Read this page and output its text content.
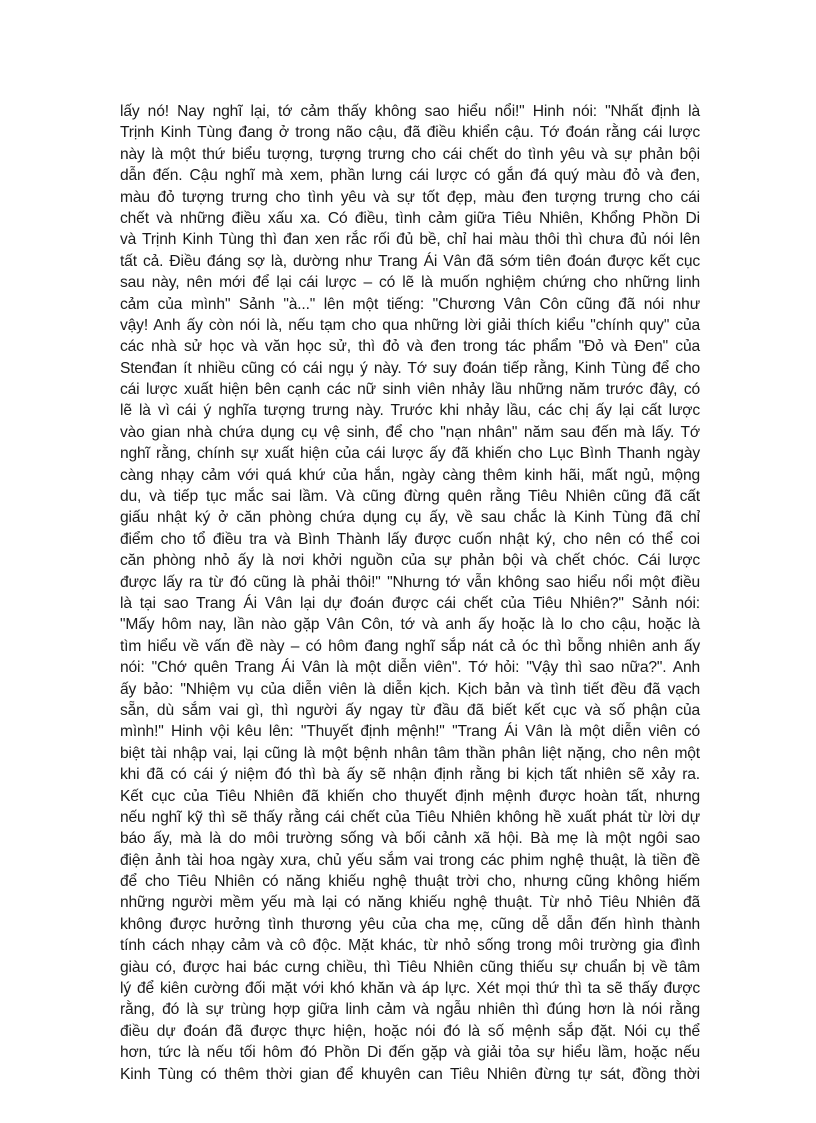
lấy nó! Nay nghĩ lại, tớ cảm thấy không sao hiểu nổi!" Hinh nói: "Nhất định là
Trịnh Kinh Tùng đang ở trong não cậu, đã điều khiển cậu. Tớ đoán rằng cái lược
này là một thứ biểu tượng, tượng trưng cho cái chết do tình yêu và sự phản bội
dẫn đến. Cậu nghĩ mà xem, phần lưng cái lược có gắn đá quý màu đỏ và đen,
màu đỏ tượng trưng cho tình yêu và sự tốt đẹp, màu đen tượng trưng cho cái
chết và những điều xấu xa. Có điều, tình cảm giữa Tiêu Nhiên, Khổng Phồn Di
và Trịnh Kinh Tùng thì đan xen rắc rối đủ bề, chỉ hai màu thôi thì chưa đủ nói lên
tất cả. Điều đáng sợ là, dường như Trang Ái Vân đã sớm tiên đoán được kết cục
sau này, nên mới để lại cái lược – có lẽ là muốn nghiệm chứng cho những linh
cảm của mình" Sảnh "à..." lên một tiếng: "Chương Vân Côn cũng đã nói như
vậy! Anh ấy còn nói là, nếu tạm cho qua những lời giải thích kiểu "chính quy" của
các nhà sử học và văn học sử, thì đỏ và đen trong tác phẩm "Đỏ và Đen" của
Stenđan ít nhiều cũng có cái ngụ ý này. Tớ suy đoán tiếp rằng, Kinh Tùng để cho
cái lược xuất hiện bên cạnh các nữ sinh viên nhảy lầu những năm trước đây, có
lẽ là vì cái ý nghĩa tượng trưng này. Trước khi nhảy lầu, các chị ấy lại cất lược
vào gian nhà chứa dụng cụ vệ sinh, để cho "nạn nhân" năm sau đến mà lấy. Tớ
nghĩ rằng, chính sự xuất hiện của cái lược ấy đã khiến cho Lục Bình Thanh ngày
càng nhạy cảm với quá khứ của hắn, ngày càng thêm kinh hãi, mất ngủ, mộng
du, và tiếp tục mắc sai lầm. Và cũng đừng quên rằng Tiêu Nhiên cũng đã cất
giấu nhật ký ở căn phòng chứa dụng cụ ấy, về sau chắc là Kinh Tùng đã chỉ
điểm cho tổ điều tra và Bình Thành lấy được cuốn nhật ký, cho nên có thể coi
căn phòng nhỏ ấy là nơi khởi nguồn của sự phản bội và chết chóc. Cái lược
được lấy ra từ đó cũng là phải thôi!" "Nhưng tớ vẫn không sao hiểu nổi một điều
là tại sao Trang Ái Vân lại dự đoán được cái chết của Tiêu Nhiên?" Sảnh nói:
"Mấy hôm nay, lần nào gặp Vân Côn, tớ và anh ấy hoặc là lo cho cậu, hoặc là
tìm hiểu về vấn đề này – có hôm đang nghĩ sắp nát cả óc thì bỗng nhiên anh ấy
nói: "Chớ quên Trang Ái Vân là một diễn viên". Tớ hỏi: "Vậy thì sao nữa?". Anh
ấy bảo: "Nhiệm vụ của diễn viên là diễn kịch. Kịch bản và tình tiết đều đã vạch
sẵn, dù sắm vai gì, thì người ấy ngay từ đầu đã biết kết cục và số phận của
mình!" Hinh vội kêu lên: "Thuyết định mệnh!" "Trang Ái Vân là một diễn viên có
biệt tài nhập vai, lại cũng là một bệnh nhân tâm thần phân liệt nặng, cho nên một
khi đã có cái ý niệm đó thì bà ấy sẽ nhận định rằng bi kịch tất nhiên sẽ xảy ra.
Kết cục của Tiêu Nhiên đã khiến cho thuyết định mệnh được hoàn tất, nhưng
nếu nghĩ kỹ thì sẽ thấy rằng cái chết của Tiêu Nhiên không hề xuất phát từ lời dự
báo ấy, mà là do môi trường sống và bối cảnh xã hội. Bà mẹ là một ngôi sao
điện ảnh tài hoa ngày xưa, chủ yếu sắm vai trong các phim nghệ thuật, là tiền đề
để cho Tiêu Nhiên có năng khiếu nghệ thuật trời cho, nhưng cũng không hiếm
những người mềm yếu mà lại có năng khiếu nghệ thuật. Từ nhỏ Tiêu Nhiên đã
không được hưởng tình thương yêu của cha mẹ, cũng dễ dẫn đến hình thành
tính cách nhạy cảm và cô độc. Mặt khác, từ nhỏ sống trong môi trường gia đình
giàu có, được hai bác cưng chiều, thì Tiêu Nhiên cũng thiếu sự chuẩn bị về tâm
lý để kiên cường đối mặt với khó khăn và áp lực. Xét mọi thứ thì ta sẽ thấy được
rằng, đó là sự trùng hợp giữa linh cảm và ngẫu nhiên thì đúng hơn là nói rằng
điều dự đoán đã được thực hiện, hoặc nói đó là số mệnh sắp đặt. Nói cụ thể
hơn, tức là nếu tối hôm đó Phồn Di đến gặp và giải tỏa sự hiểu lầm, hoặc nếu
Kinh Tùng có thêm thời gian để khuyên can Tiêu Nhiên đừng tự sát, đồng thời
